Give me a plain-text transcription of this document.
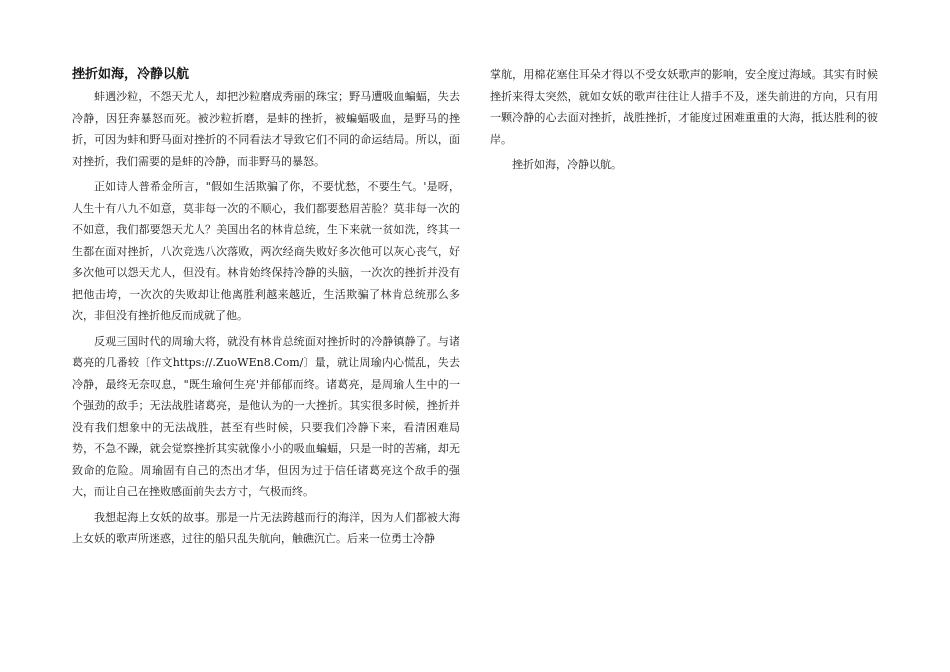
挫折如海，冷静以航

蚌遇沙粒，不怨天尤人，却把沙粒磨成秀丽的珠宝；野马遭吸血蝙蝠，失去冷静，因狂奔暴怒而死。被沙粒折磨，是蚌的挫折，被蝙蝠吸血，是野马的挫折，可因为蚌和野马面对挫折的不同看法才导致它们不同的命运结局。所以，面对挫折，我们需要的是蚌的冷静，而非野马的暴怒。

正如诗人普希金所言，"假如生活欺骗了你，不要忧愁，不要生气。'是呀，人生十有八九不如意，莫非每一次的不顺心，我们都要愁眉苦脸？莫非每一次的不如意，我们都要怨天尤人？美国出名的林肯总统，生下来就一贫如洗，终其一生都在面对挫折，八次竞选八次落败，两次经商失败好多次他可以灰心丧气，好多次他可以怨天尤人，但没有。林肯始终保持冷静的头脑，一次次的挫折并没有把他击垮，一次次的失败却让他离胜利越来越近，生活欺骗了林肯总统那么多次，非但没有挫折他反而成就了他。

反观三国时代的周瑜大将，就没有林肯总统面对挫折时的冷静镇静了。与诸葛亮的几番较〔作文https://.ZuoWEn8.Com/〕量，就让周瑜内心慌乱，失去冷静，最终无奈叹息，"既生瑜何生亮'并郁郁而终。诸葛亮，是周瑜人生中的一个强劲的敌手；无法战胜诸葛亮，是他认为的一大挫折。其实很多时候，挫折并没有我们想象中的无法战胜，甚至有些时候，只要我们冷静下来，看清困难局势，不急不躁，就会觉察挫折其实就像小小的吸血蝙蝠，只是一时的苦痛，却无致命的危险。周瑜固有自己的杰出才华，但因为过于信任诸葛亮这个敌手的强大，而让自己在挫败感面前失去方寸，气极而终。

我想起海上女妖的故事。那是一片无法跨越而行的海洋，因为人们都被大海上女妖的歌声所迷惑，过往的船只乱失航向，触礁沉亡。后来一位勇士冷静

掌航，用棉花塞住耳朵才得以不受女妖歌声的影响，安全度过海域。其实有时候挫折来得太突然，就如女妖的歌声往往让人措手不及，迷失前进的方向，只有用一颗冷静的心去面对挫折，战胜挫折，才能度过困难重重的大海，抵达胜利的彼岸。

挫折如海，冷静以航。
